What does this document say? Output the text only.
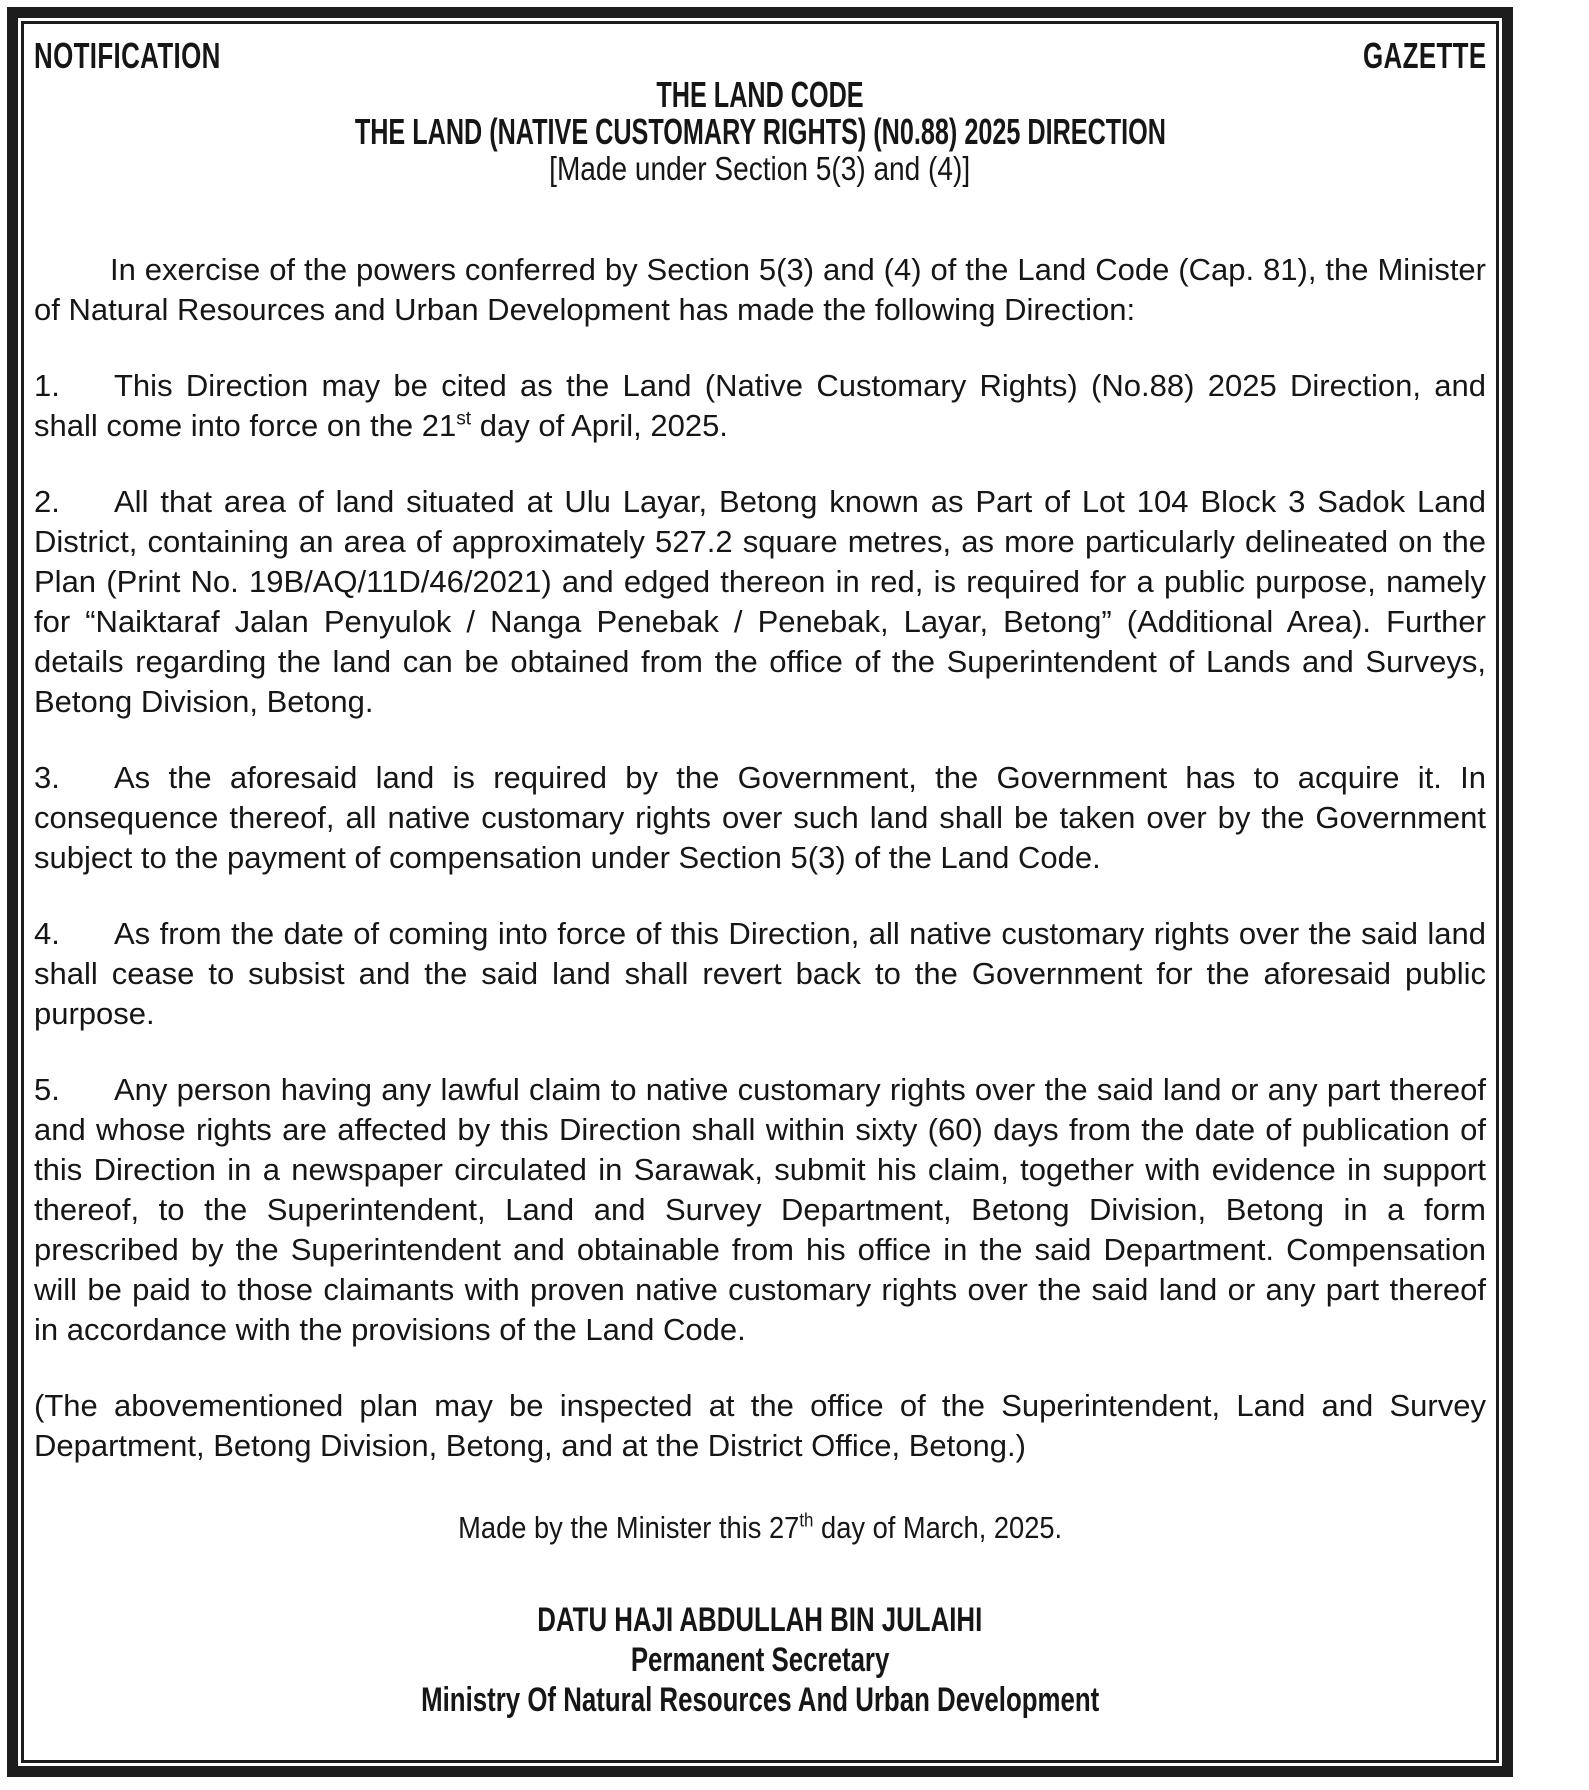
NOTIFICATION	GAZETTE
THE LAND CODE
THE LAND (NATIVE CUSTOMARY RIGHTS) (N0.88) 2025 DIRECTION
[Made under Section 5(3) and (4)]

In exercise of the powers conferred by Section 5(3) and (4) of the Land Code (Cap. 81), the Minister of Natural Resources and Urban Development has made the following Direction:

1. This Direction may be cited as the Land (Native Customary Rights) (No.88) 2025 Direction, and shall come into force on the 21st day of April, 2025.

2. All that area of land situated at Ulu Layar, Betong known as Part of Lot 104 Block 3 Sadok Land District, containing an area of approximately 527.2 square metres, as more particularly delineated on the Plan (Print No. 19B/AQ/11D/46/2021) and edged thereon in red, is required for a public purpose, namely for “Naiktaraf Jalan Penyulok / Nanga Penebak / Penebak, Layar, Betong” (Additional Area). Further details regarding the land can be obtained from the office of the Superintendent of Lands and Surveys, Betong Division, Betong.

3. As the aforesaid land is required by the Government, the Government has to acquire it. In consequence thereof, all native customary rights over such land shall be taken over by the Government subject to the payment of compensation under Section 5(3) of the Land Code.

4. As from the date of coming into force of this Direction, all native customary rights over the said land shall cease to subsist and the said land shall revert back to the Government for the aforesaid public purpose.

5. Any person having any lawful claim to native customary rights over the said land or any part thereof and whose rights are affected by this Direction shall within sixty (60) days from the date of publication of this Direction in a newspaper circulated in Sarawak, submit his claim, together with evidence in support thereof, to the Superintendent, Land and Survey Department, Betong Division, Betong in a form prescribed by the Superintendent and obtainable from his office in the said Department. Compensation will be paid to those claimants with proven native customary rights over the said land or any part thereof in accordance with the provisions of the Land Code.

(The abovementioned plan may be inspected at the office of the Superintendent, Land and Survey Department, Betong Division, Betong, and at the District Office, Betong.)

Made by the Minister this 27th day of March, 2025.
DATU HAJI ABDULLAH BIN JULAIHI
Permanent Secretary
Ministry Of Natural Resources And Urban Development
